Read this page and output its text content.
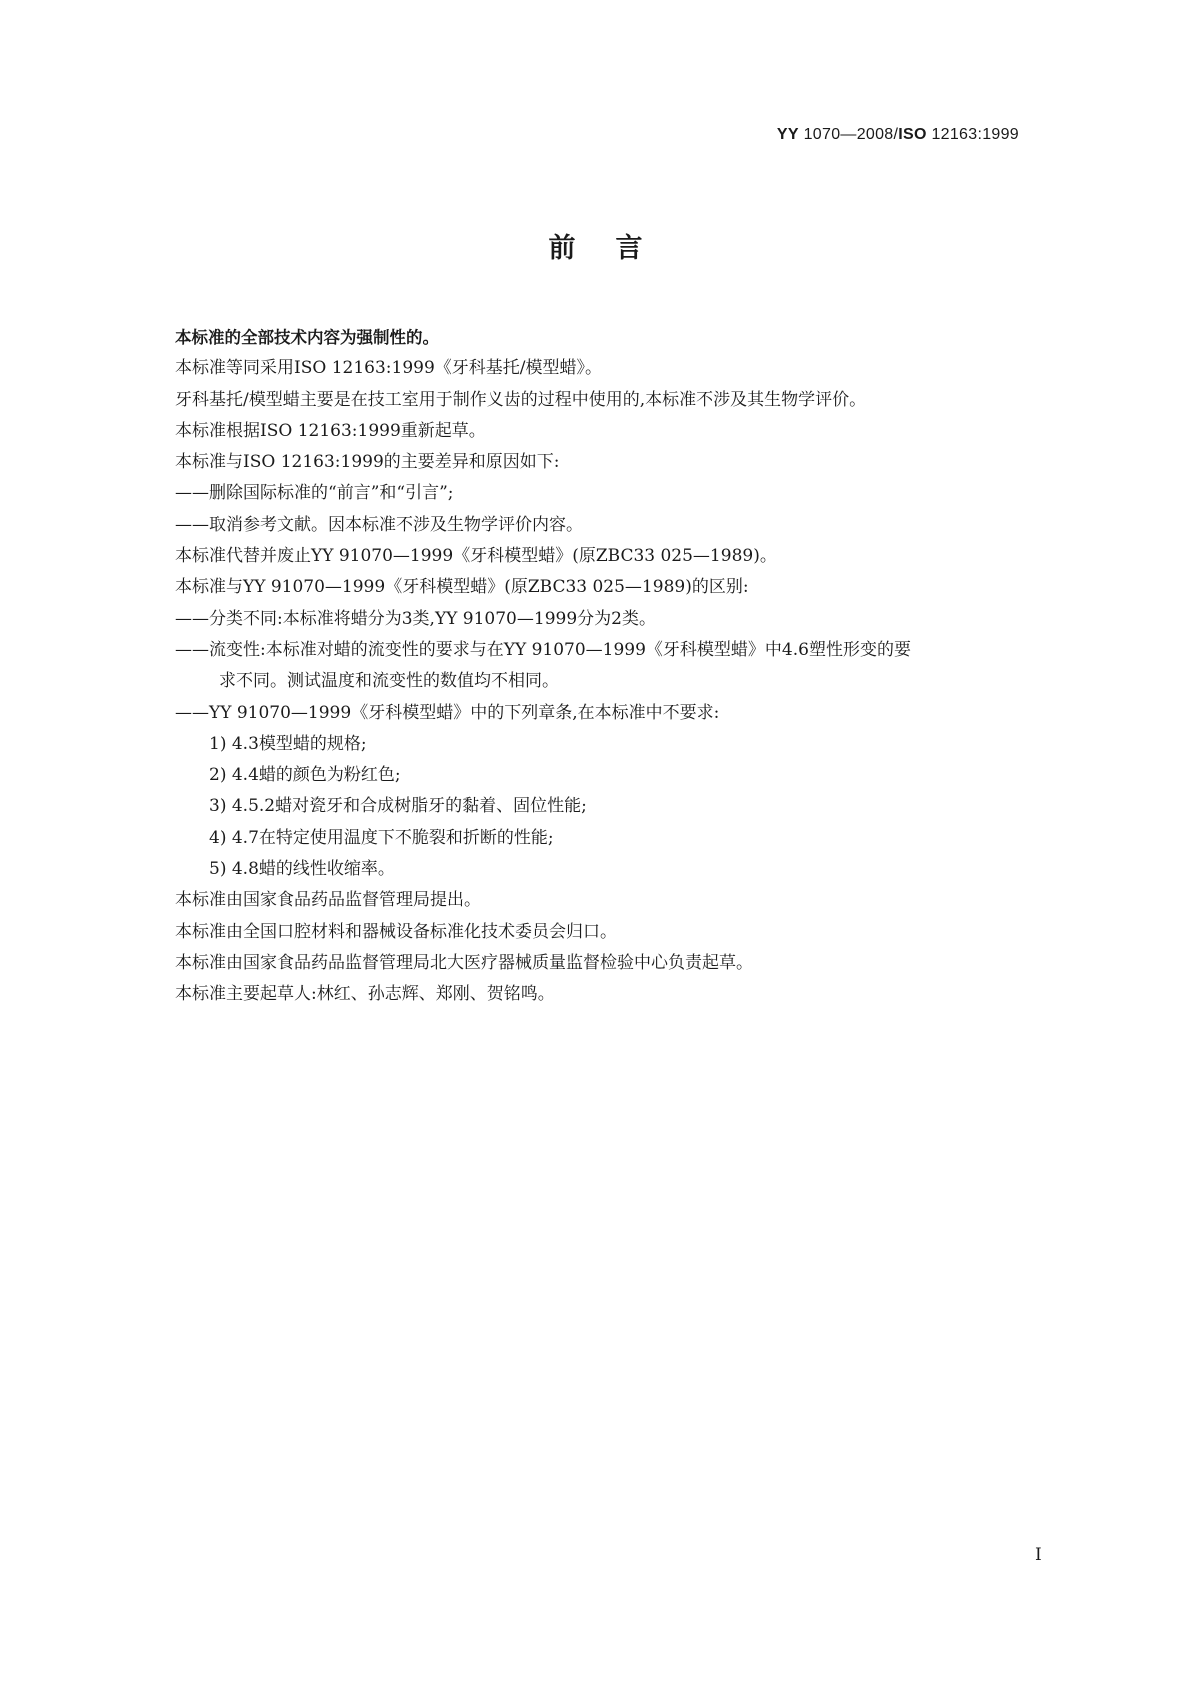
YY 1070—2008/ISO 12163:1999
前言
本标准的全部技术内容为强制性的。
本标准等同采用ISO 12163:1999《牙科基托/模型蜡》。
牙科基托/模型蜡主要是在技工室用于制作义齿的过程中使用的,本标准不涉及其生物学评价。
本标准根据ISO 12163:1999重新起草。
本标准与ISO 12163:1999的主要差异和原因如下:
——删除国际标准的“前言”和“引言”;
——取消参考文献。因本标准不涉及生物学评价内容。
本标准代替并废止YY 91070—1999《牙科模型蜡》(原ZBC33 025—1989)。
本标准与YY 91070—1999《牙科模型蜡》(原ZBC33 025—1989)的区别:
——分类不同:本标准将蜡分为3类,YY 91070—1999分为2类。
——流变性:本标准对蜡的流变性的要求与在YY 91070—1999《牙科模型蜡》中4.6塑性形变的要
求不同。测试温度和流变性的数值均不相同。
——YY 91070—1999《牙科模型蜡》中的下列章条,在本标准中不要求:
1) 4.3模型蜡的规格;
2) 4.4蜡的颜色为粉红色;
3) 4.5.2蜡对瓷牙和合成树脂牙的黏着、固位性能;
4) 4.7在特定使用温度下不脆裂和折断的性能;
5) 4.8蜡的线性收缩率。
本标准由国家食品药品监督管理局提出。
本标准由全国口腔材料和器械设备标准化技术委员会归口。
本标准由国家食品药品监督管理局北大医疗器械质量监督检验中心负责起草。
本标准主要起草人:林红、孙志辉、郑刚、贺铭鸣。
I
